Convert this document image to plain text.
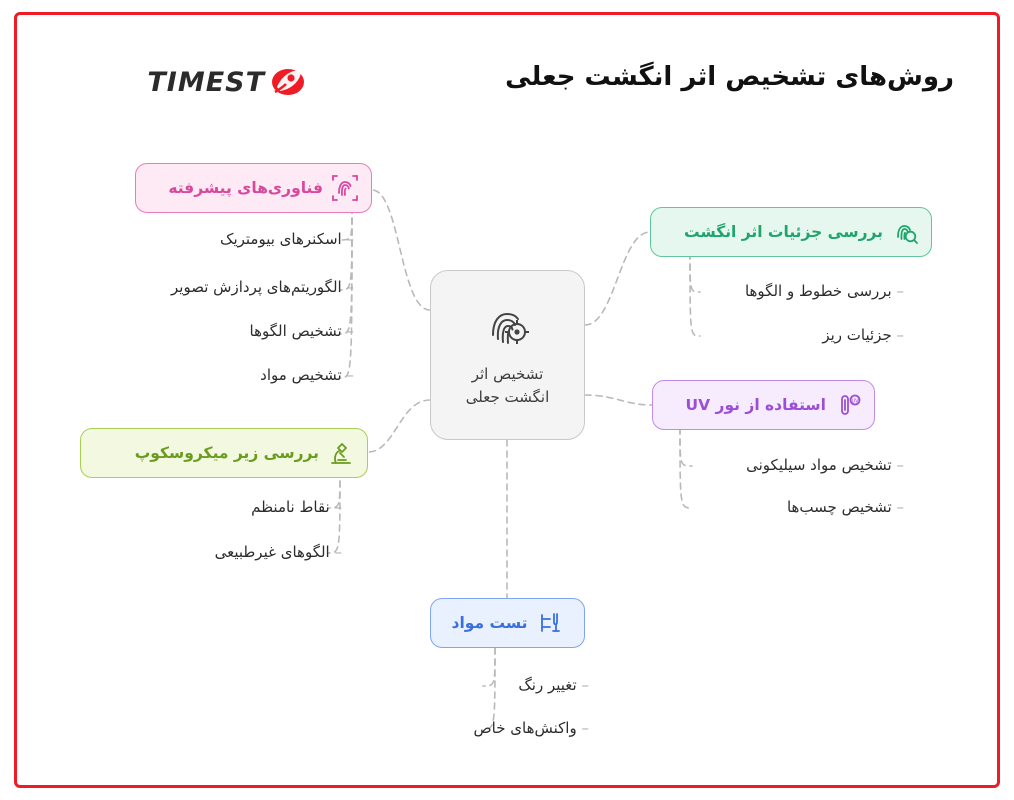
TIMEST	روش‌های تشخیص اثر انگشت جعلی
تشخیص اثر
انگشت جعلی
فناوری‌های پیشرفته
– اسکنرهای بیومتریک
– الگوریتم‌های پردازش تصویر
– تشخیص الگوها
– تشخیص مواد
بررسی زیر میکروسکوپ
– نقاط نامنظم
– الگوهای غیرطبیعی
بررسی جزئیات اثر انگشت
– بررسی خطوط و الگوها
– جزئیات ریز
UV
استفاده از نور UV
– تشخیص مواد سیلیکونی
– تشخیص چسب‌ها
تست مواد
– تغییر رنگ
– واکنش‌های خاص
